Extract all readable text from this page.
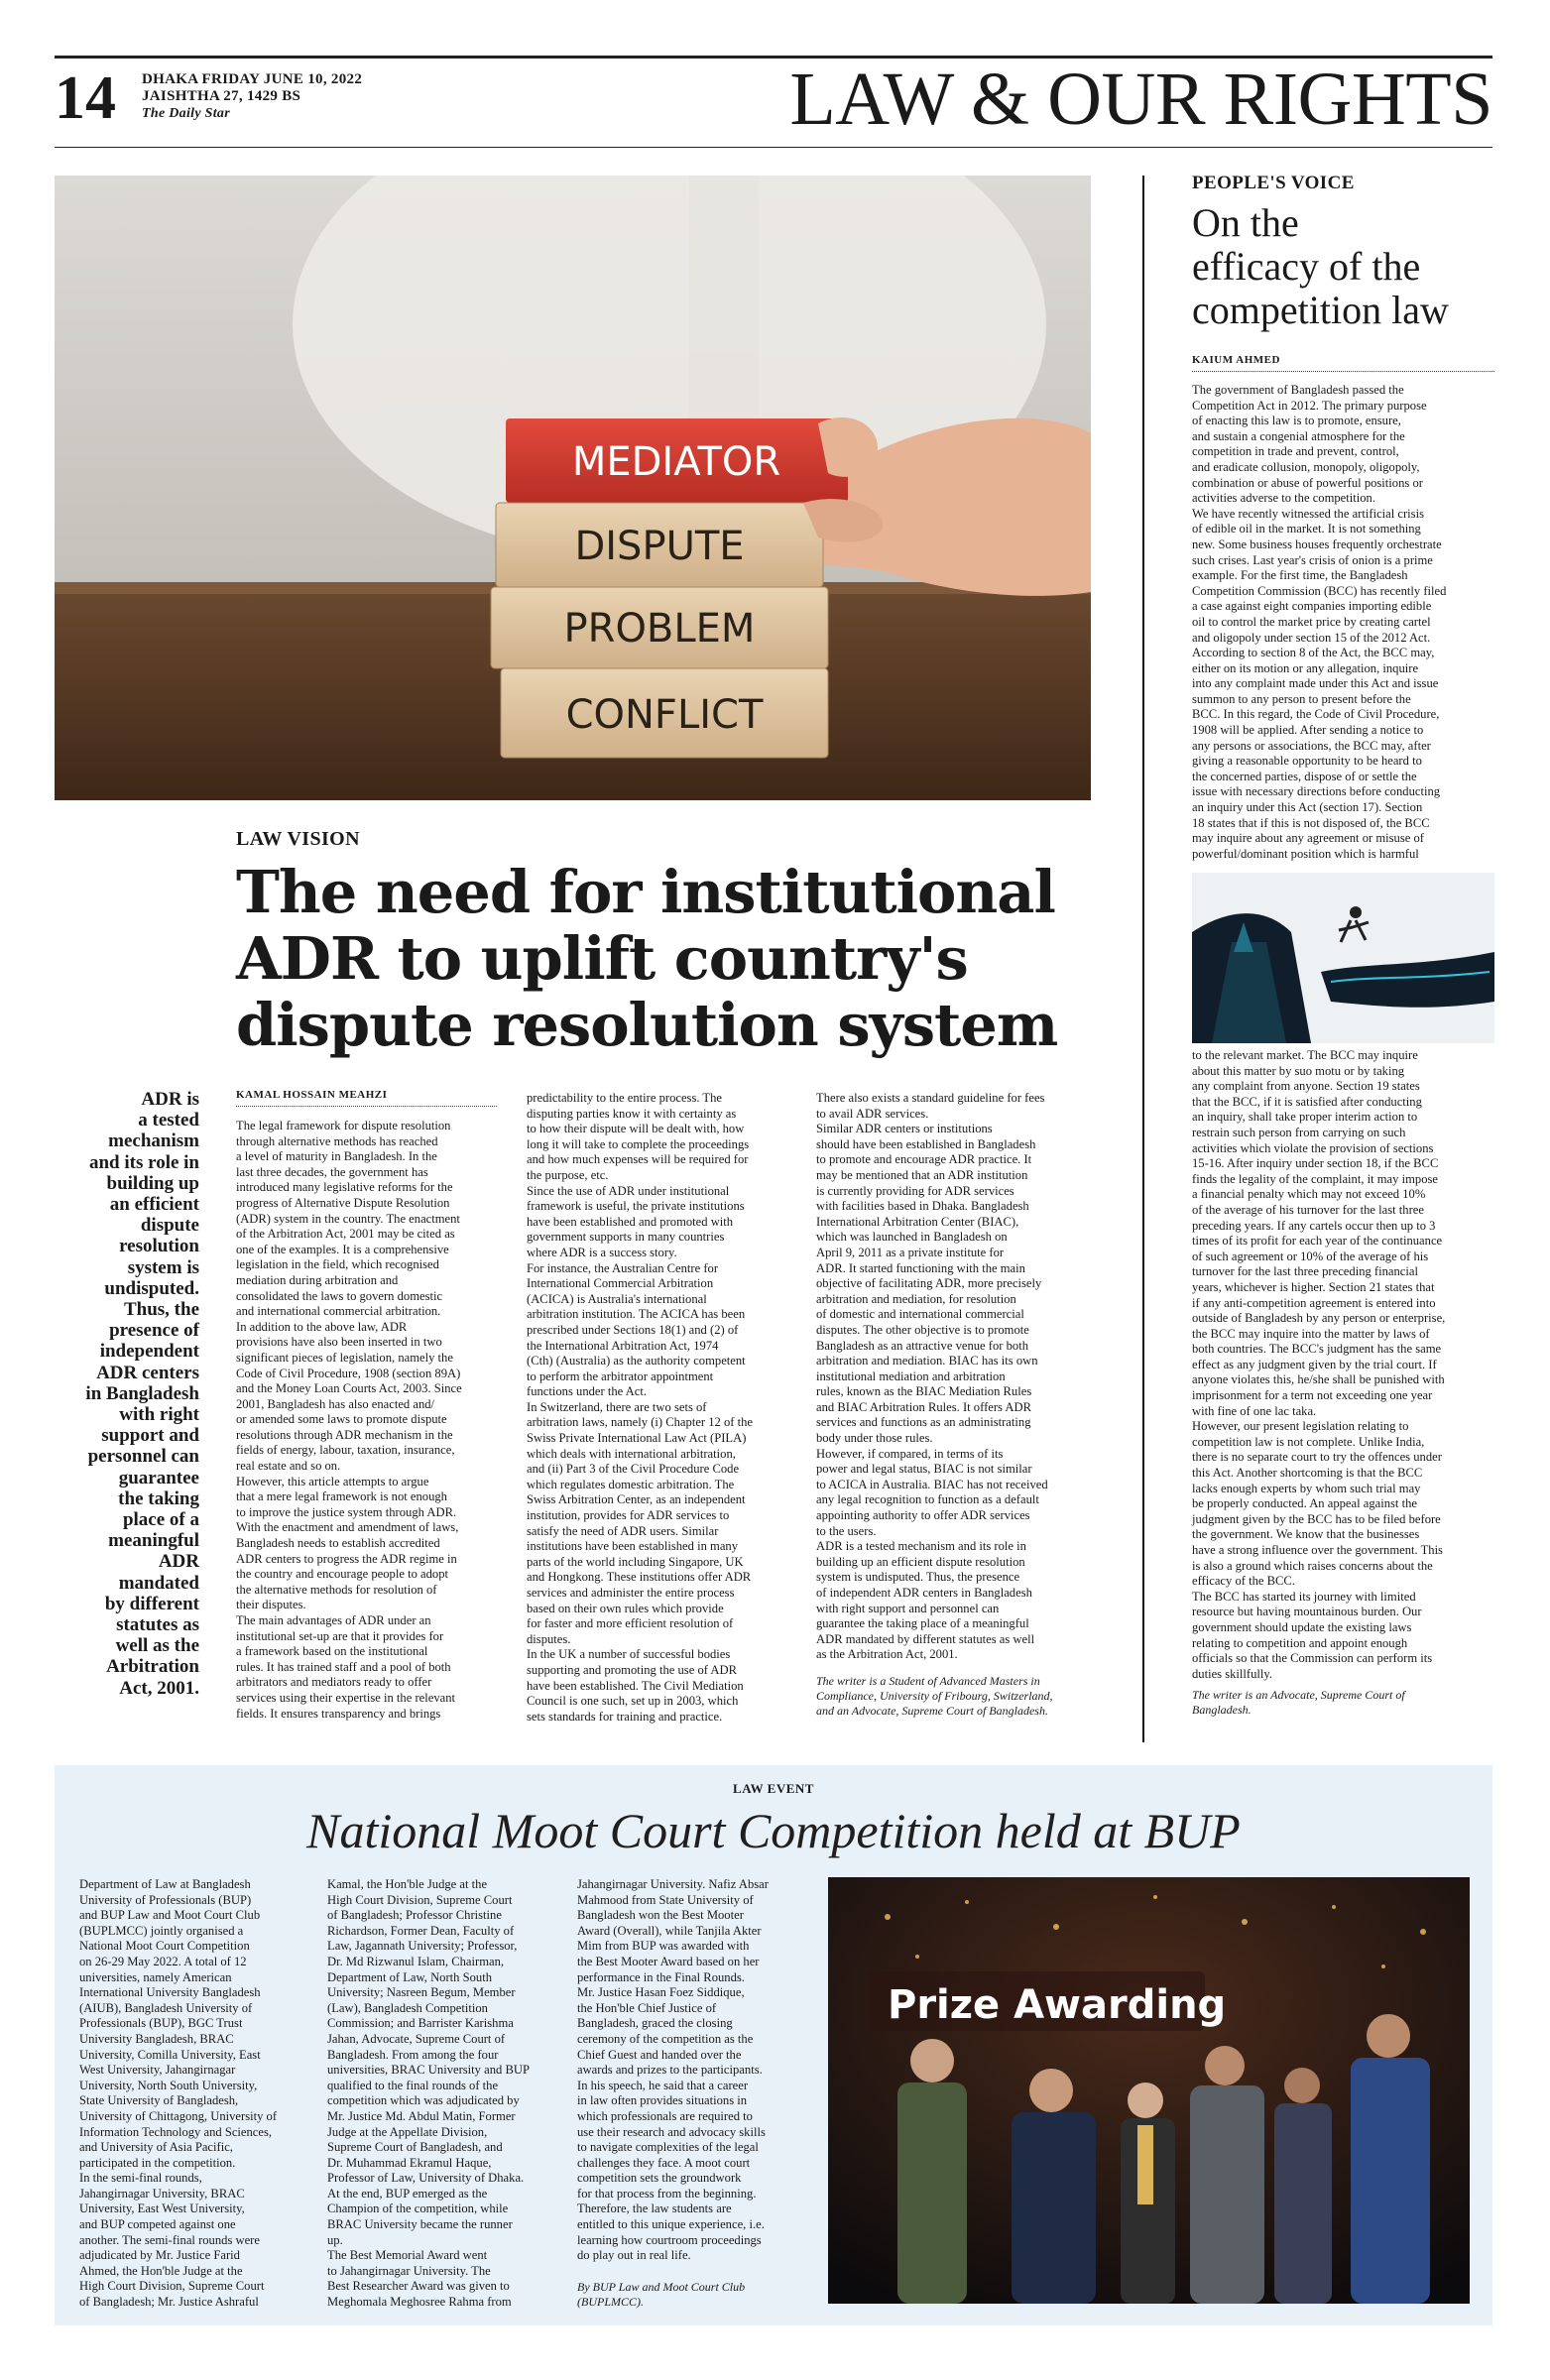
14 DHAKA FRIDAY JUNE 10, 2022
JAISHTHA 27, 1429 BS
The Daily Star	LAW & OUR RIGHTS
MEDIATOR
DISPUTE
PROBLEM
CONFLICT
PEOPLE'S VOICE
On the
efficacy of the
competition law
KAIUM AHMED
The government of Bangladesh passed the
Competition Act in 2012. The primary purpose
of enacting this law is to promote, ensure,
and sustain a congenial atmosphere for the
competition in trade and prevent, control,
and eradicate collusion, monopoly, oligopoly,
combination or abuse of powerful positions or
activities adverse to the competition.
We have recently witnessed the artificial crisis
of edible oil in the market. It is not something
new. Some business houses frequently orchestrate
such crises. Last year's crisis of onion is a prime
example. For the first time, the Bangladesh
Competition Commission (BCC) has recently filed
a case against eight companies importing edible
oil to control the market price by creating cartel
and oligopoly under section 15 of the 2012 Act.
According to section 8 of the Act, the BCC may,
either on its motion or any allegation, inquire
into any complaint made under this Act and issue
summon to any person to present before the
BCC. In this regard, the Code of Civil Procedure,
1908 will be applied. After sending a notice to
any persons or associations, the BCC may, after
giving a reasonable opportunity to be heard to
the concerned parties, dispose of or settle the
issue with necessary directions before conducting
an inquiry under this Act (section 17). Section
18 states that if this is not disposed of, the BCC
may inquire about any agreement or misuse of
powerful/dominant position which is harmful
to the relevant market. The BCC may inquire
about this matter by suo motu or by taking
any complaint from anyone. Section 19 states
that the BCC, if it is satisfied after conducting
an inquiry, shall take proper interim action to
restrain such person from carrying on such
activities which violate the provision of sections
15-16. After inquiry under section 18, if the BCC
finds the legality of the complaint, it may impose
a financial penalty which may not exceed 10%
of the average of his turnover for the last three
preceding years. If any cartels occur then up to 3
times of its profit for each year of the continuance
of such agreement or 10% of the average of his
turnover for the last three preceding financial
years, whichever is higher. Section 21 states that
if any anti-competition agreement is entered into
outside of Bangladesh by any person or enterprise,
the BCC may inquire into the matter by laws of
both countries. The BCC's judgment has the same
effect as any judgment given by the trial court. If
anyone violates this, he/she shall be punished with
imprisonment for a term not exceeding one year
with fine of one lac taka.
However, our present legislation relating to
competition law is not complete. Unlike India,
there is no separate court to try the offences under
this Act. Another shortcoming is that the BCC
lacks enough experts by whom such trial may
be properly conducted. An appeal against the
judgment given by the BCC has to be filed before
the government. We know that the businesses
have a strong influence over the government. This
is also a ground which raises concerns about the
efficacy of the BCC.
The BCC has started its journey with limited
resource but having mountainous burden. Our
government should update the existing laws
relating to competition and appoint enough
officials so that the Commission can perform its
duties skillfully.
The writer is an Advocate, Supreme Court of
Bangladesh.
LAW VISION
The need for institutional
ADR to uplift country's
dispute resolution system
ADR is
a tested
mechanism
and its role in
building up
an efficient
dispute
resolution
system is
undisputed.
Thus, the
presence of
independent
ADR centers
in Bangladesh
with right
support and
personnel can
guarantee
the taking
place of a
meaningful
ADR
mandated
by different
statutes as
well as the
Arbitration
Act, 2001.
KAMAL HOSSAIN MEAHZI
The legal framework for dispute resolution
through alternative methods has reached
a level of maturity in Bangladesh. In the
last three decades, the government has
introduced many legislative reforms for the
progress of Alternative Dispute Resolution
(ADR) system in the country. The enactment
of the Arbitration Act, 2001 may be cited as
one of the examples. It is a comprehensive
legislation in the field, which recognised
mediation during arbitration and
consolidated the laws to govern domestic
and international commercial arbitration.
In addition to the above law, ADR
provisions have also been inserted in two
significant pieces of legislation, namely the
Code of Civil Procedure, 1908 (section 89A)
and the Money Loan Courts Act, 2003. Since
2001, Bangladesh has also enacted and/
or amended some laws to promote dispute
resolutions through ADR mechanism in the
fields of energy, labour, taxation, insurance,
real estate and so on.
However, this article attempts to argue
that a mere legal framework is not enough
to improve the justice system through ADR.
With the enactment and amendment of laws,
Bangladesh needs to establish accredited
ADR centers to progress the ADR regime in
the country and encourage people to adopt
the alternative methods for resolution of
their disputes.
The main advantages of ADR under an
institutional set-up are that it provides for
a framework based on the institutional
rules. It has trained staff and a pool of both
arbitrators and mediators ready to offer
services using their expertise in the relevant
fields. It ensures transparency and brings
predictability to the entire process. The
disputing parties know it with certainty as
to how their dispute will be dealt with, how
long it will take to complete the proceedings
and how much expenses will be required for
the purpose, etc.
Since the use of ADR under institutional
framework is useful, the private institutions
have been established and promoted with
government supports in many countries
where ADR is a success story.
For instance, the Australian Centre for
International Commercial Arbitration
(ACICA) is Australia's international
arbitration institution. The ACICA has been
prescribed under Sections 18(1) and (2) of
the International Arbitration Act, 1974
(Cth) (Australia) as the authority competent
to perform the arbitrator appointment
functions under the Act.
In Switzerland, there are two sets of
arbitration laws, namely (i) Chapter 12 of the
Swiss Private International Law Act (PILA)
which deals with international arbitration,
and (ii) Part 3 of the Civil Procedure Code
which regulates domestic arbitration. The
Swiss Arbitration Center, as an independent
institution, provides for ADR services to
satisfy the need of ADR users. Similar
institutions have been established in many
parts of the world including Singapore, UK
and Hongkong. These institutions offer ADR
services and administer the entire process
based on their own rules which provide
for faster and more efficient resolution of
disputes.
In the UK a number of successful bodies
supporting and promoting the use of ADR
have been established. The Civil Mediation
Council is one such, set up in 2003, which
sets standards for training and practice.
There also exists a standard guideline for fees
to avail ADR services.
Similar ADR centers or institutions
should have been established in Bangladesh
to promote and encourage ADR practice. It
may be mentioned that an ADR institution
is currently providing for ADR services
with facilities based in Dhaka. Bangladesh
International Arbitration Center (BIAC),
which was launched in Bangladesh on
April 9, 2011 as a private institute for
ADR. It started functioning with the main
objective of facilitating ADR, more precisely
arbitration and mediation, for resolution
of domestic and international commercial
disputes. The other objective is to promote
Bangladesh as an attractive venue for both
arbitration and mediation. BIAC has its own
institutional mediation and arbitration
rules, known as the BIAC Mediation Rules
and BIAC Arbitration Rules. It offers ADR
services and functions as an administrating
body under those rules.
However, if compared, in terms of its
power and legal status, BIAC is not similar
to ACICA in Australia. BIAC has not received
any legal recognition to function as a default
appointing authority to offer ADR services
to the users.
ADR is a tested mechanism and its role in
building up an efficient dispute resolution
system is undisputed. Thus, the presence
of independent ADR centers in Bangladesh
with right support and personnel can
guarantee the taking place of a meaningful
ADR mandated by different statutes as well
as the Arbitration Act, 2001.
The writer is a Student of Advanced Masters in
Compliance, University of Fribourg, Switzerland,
and an Advocate, Supreme Court of Bangladesh.
LAW EVENT
National Moot Court Competition held at BUP
Department of Law at Bangladesh
University of Professionals (BUP)
and BUP Law and Moot Court Club
(BUPLMCC) jointly organised a
National Moot Court Competition
on 26-29 May 2022. A total of 12
universities, namely American
International University Bangladesh
(AIUB), Bangladesh University of
Professionals (BUP), BGC Trust
University Bangladesh, BRAC
University, Comilla University, East
West University, Jahangirnagar
University, North South University,
State University of Bangladesh,
University of Chittagong, University of
Information Technology and Sciences,
and University of Asia Pacific,
participated in the competition.
In the semi-final rounds,
Jahangirnagar University, BRAC
University, East West University,
and BUP competed against one
another. The semi-final rounds were
adjudicated by Mr. Justice Farid
Ahmed, the Hon'ble Judge at the
High Court Division, Supreme Court
of Bangladesh; Mr. Justice Ashraful
Kamal, the Hon'ble Judge at the
High Court Division, Supreme Court
of Bangladesh; Professor Christine
Richardson, Former Dean, Faculty of
Law, Jagannath University; Professor,
Dr. Md Rizwanul Islam, Chairman,
Department of Law, North South
University; Nasreen Begum, Member
(Law), Bangladesh Competition
Commission; and Barrister Karishma
Jahan, Advocate, Supreme Court of
Bangladesh. From among the four
universities, BRAC University and BUP
qualified to the final rounds of the
competition which was adjudicated by
Mr. Justice Md. Abdul Matin, Former
Judge at the Appellate Division,
Supreme Court of Bangladesh, and
Dr. Muhammad Ekramul Haque,
Professor of Law, University of Dhaka.
At the end, BUP emerged as the
Champion of the competition, while
BRAC University became the runner
up.
The Best Memorial Award went
to Jahangirnagar University. The
Best Researcher Award was given to
Meghomala Meghosree Rahma from
Jahangirnagar University. Nafiz Absar
Mahmood from State University of
Bangladesh won the Best Mooter
Award (Overall), while Tanjila Akter
Mim from BUP was awarded with
the Best Mooter Award based on her
performance in the Final Rounds.
Mr. Justice Hasan Foez Siddique,
the Hon'ble Chief Justice of
Bangladesh, graced the closing
ceremony of the competition as the
Chief Guest and handed over the
awards and prizes to the participants.
In his speech, he said that a career
in law often provides situations in
which professionals are required to
use their research and advocacy skills
to navigate complexities of the legal
challenges they face. A moot court
competition sets the groundwork
for that process from the beginning.
Therefore, the law students are
entitled to this unique experience, i.e.
learning how courtroom proceedings
do play out in real life.
By BUP Law and Moot Court Club
(BUPLMCC).
Prize Awarding
